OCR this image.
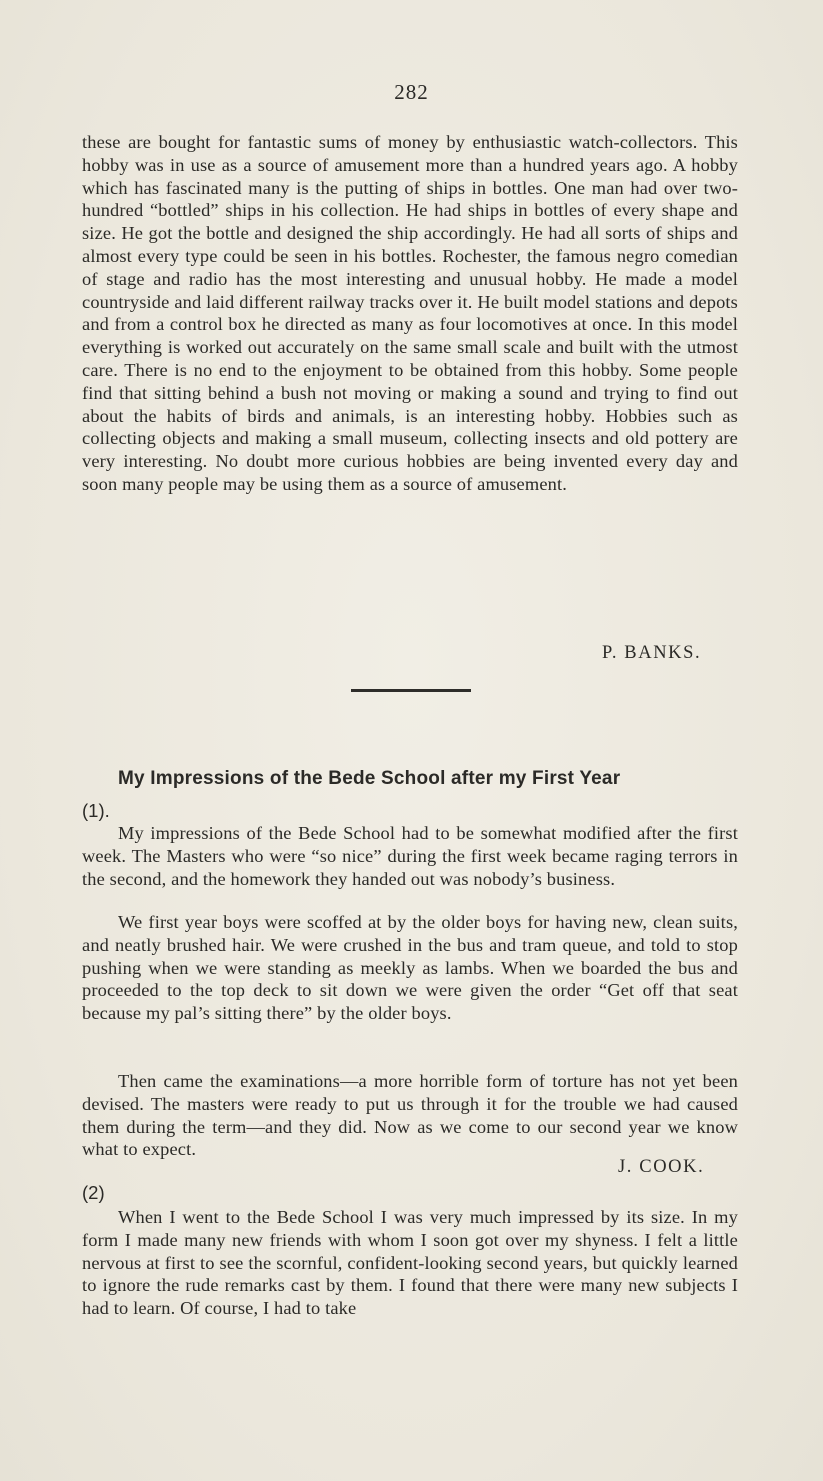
282

these are bought for fantastic sums of money by enthusiastic watch-collectors. This hobby was in use as a source of amusement more than a hundred years ago. A hobby which has fascinated many is the putting of ships in bottles. One man had over two-hundred “bottled” ships in his collection. He had ships in bottles of every shape and size. He got the bottle and designed the ship accordingly. He had all sorts of ships and almost every type could be seen in his bottles. Rochester, the famous negro comedian of stage and radio has the most interesting and unusual hobby. He made a model countryside and laid different railway tracks over it. He built model stations and depots and from a control box he directed as many as four locomotives at once. In this model everything is worked out accurately on the same small scale and built with the utmost care. There is no end to the enjoyment to be obtained from this hobby. Some people find that sitting behind a bush not moving or making a sound and trying to find out about the habits of birds and animals, is an interesting hobby. Hobbies such as collecting objects and making a small museum, collecting insects and old pottery are very interesting. No doubt more curious hobbies are being invented every day and soon many people may be using them as a source of amusement.

P. BANKS.
My Impressions of the Bede School after my First Year
(1).

My impressions of the Bede School had to be somewhat modified after the first week. The Masters who were “so nice” during the first week became raging terrors in the second, and the homework they handed out was nobody’s business.

We first year boys were scoffed at by the older boys for having new, clean suits, and neatly brushed hair. We were crushed in the bus and tram queue, and told to stop pushing when we were standing as meekly as lambs. When we boarded the bus and proceeded to the top deck to sit down we were given the order “Get off that seat because my pal’s sitting there” by the older boys.

Then came the examinations—a more horrible form of torture has not yet been devised. The masters were ready to put us through it for the trouble we had caused them during the term—and they did. Now as we come to our second year we know what to expect.

J. COOK.
(2)

When I went to the Bede School I was very much impressed by its size. In my form I made many new friends with whom I soon got over my shyness. I felt a little nervous at first to see the scornful, confident-looking second years, but quickly learned to ignore the rude remarks cast by them. I found that there were many new subjects I had to learn. Of course, I had to take
